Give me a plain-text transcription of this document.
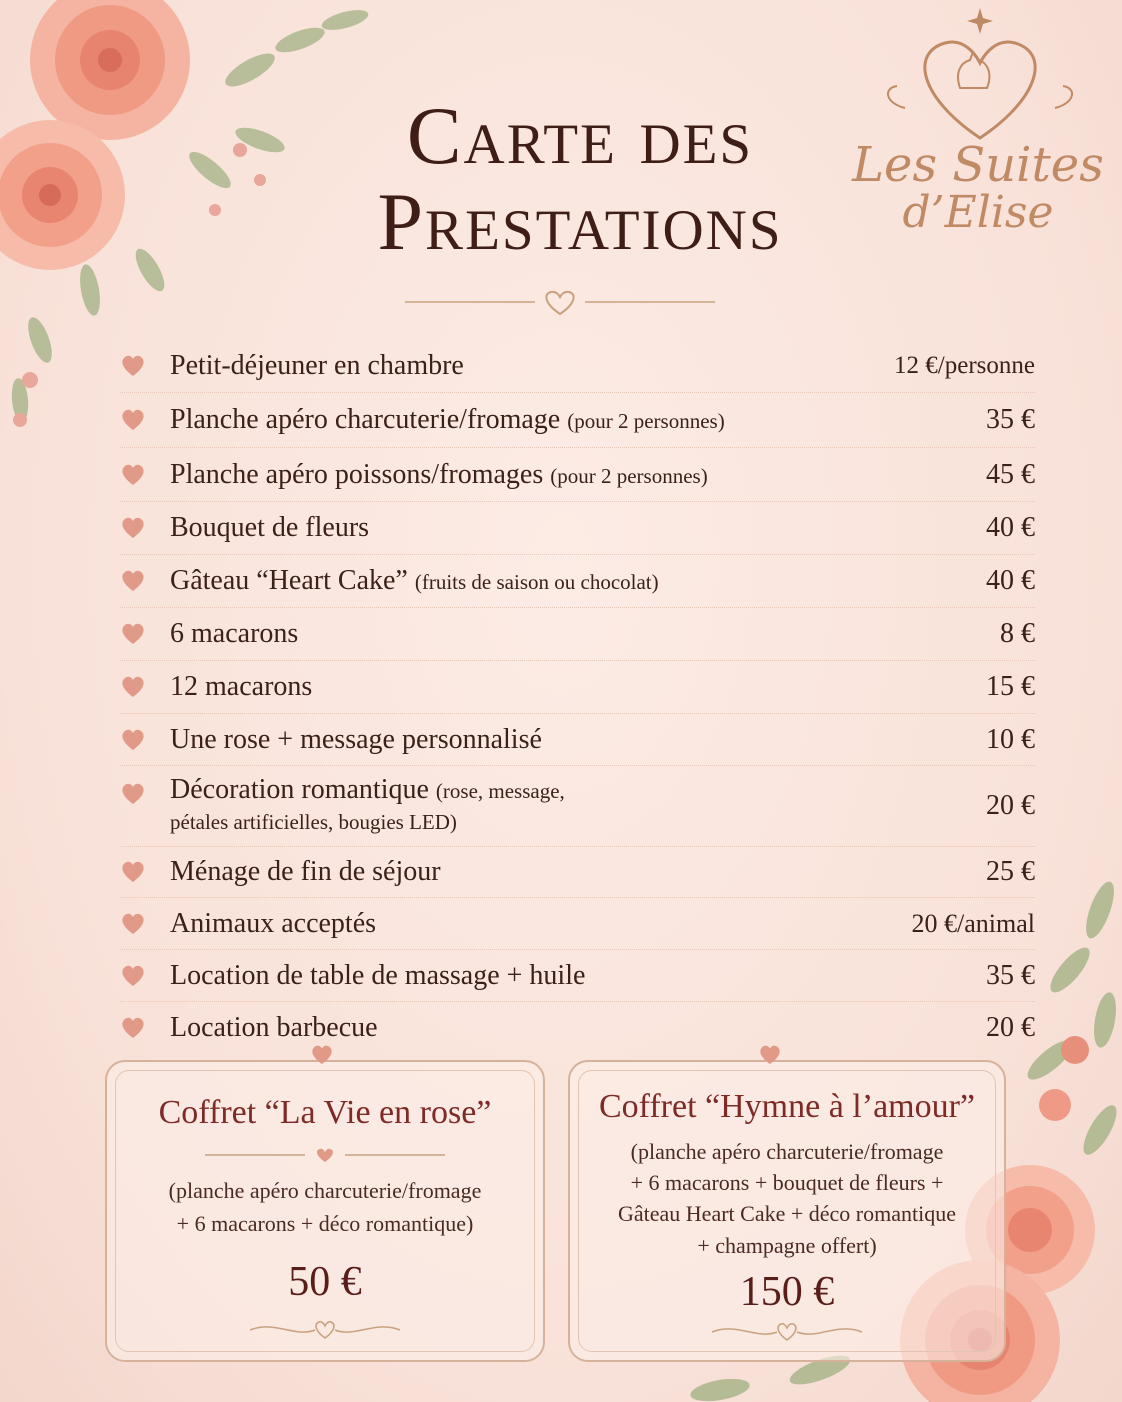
Carte des
Prestations
Les Suites
d’Elise
Petit-déjeuner en chambre	12 €/personne
Planche apéro charcuterie/fromage (pour 2 personnes)	35 €
Planche apéro poissons/fromages (pour 2 personnes)	45 €
Bouquet de fleurs	40 €
Gâteau “Heart Cake” (fruits de saison ou chocolat)	40 €
6 macarons	8 €
12 macarons	15 €
Une rose + message personnalisé	10 €
Décoration romantique (rose, message,
pétales artificielles, bougies LED)
20 €
Ménage de fin de séjour	25 €
Animaux acceptés	20 €/animal
Location de table de massage + huile	35 €
Location barbecue	20 €
Coffret “La Vie en rose”
(planche apéro charcuterie/fromage
+ 6 macarons + déco romantique)
50 €
Coffret “Hymne à l’amour”
(planche apéro charcuterie/fromage
+ 6 macarons + bouquet de fleurs +
Gâteau Heart Cake + déco romantique
+ champagne offert)
150 €
